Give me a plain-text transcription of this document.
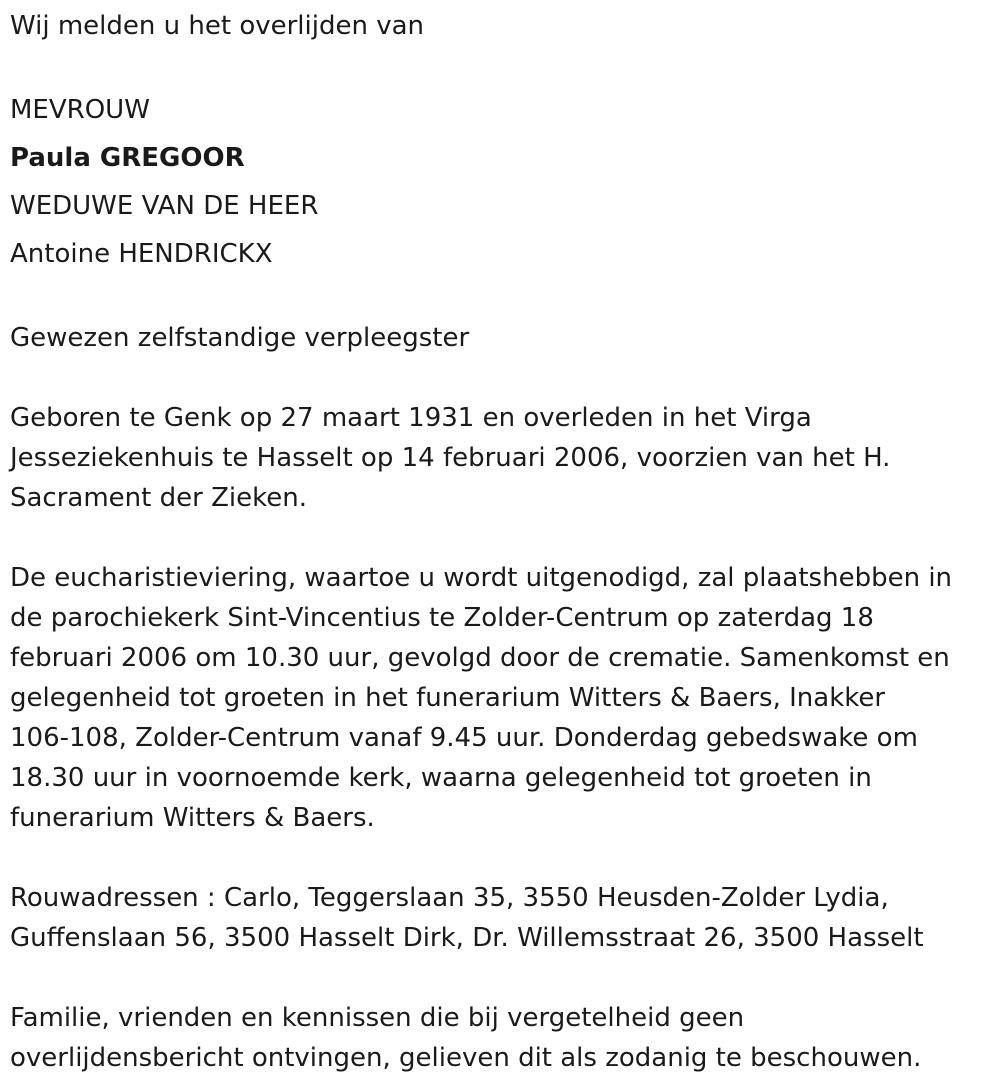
Wij melden u het overlijden van
MEVROUW
Paula GREGOOR
WEDUWE VAN DE HEER
Antoine HENDRICKX
Gewezen zelfstandige verpleegster
Geboren te Genk op 27 maart 1931 en overleden in het Virga
Jesseziekenhuis te Hasselt op 14 februari 2006, voorzien van het H.
Sacrament der Zieken.
De eucharistieviering, waartoe u wordt uitgenodigd, zal plaatshebben in
de parochiekerk Sint-Vincentius te Zolder-Centrum op zaterdag 18
februari 2006 om 10.30 uur, gevolgd door de crematie. Samenkomst en
gelegenheid tot groeten in het funerarium Witters & Baers, Inakker
106-108, Zolder-Centrum vanaf 9.45 uur. Donderdag gebedswake om
18.30 uur in voornoemde kerk, waarna gelegenheid tot groeten in
funerarium Witters & Baers.
Rouwadressen : Carlo, Teggerslaan 35, 3550 Heusden-Zolder Lydia,
Guffenslaan 56, 3500 Hasselt Dirk, Dr. Willemsstraat 26, 3500 Hasselt
Familie, vrienden en kennissen die bij vergetelheid geen
overlijdensbericht ontvingen, gelieven dit als zodanig te beschouwen.
